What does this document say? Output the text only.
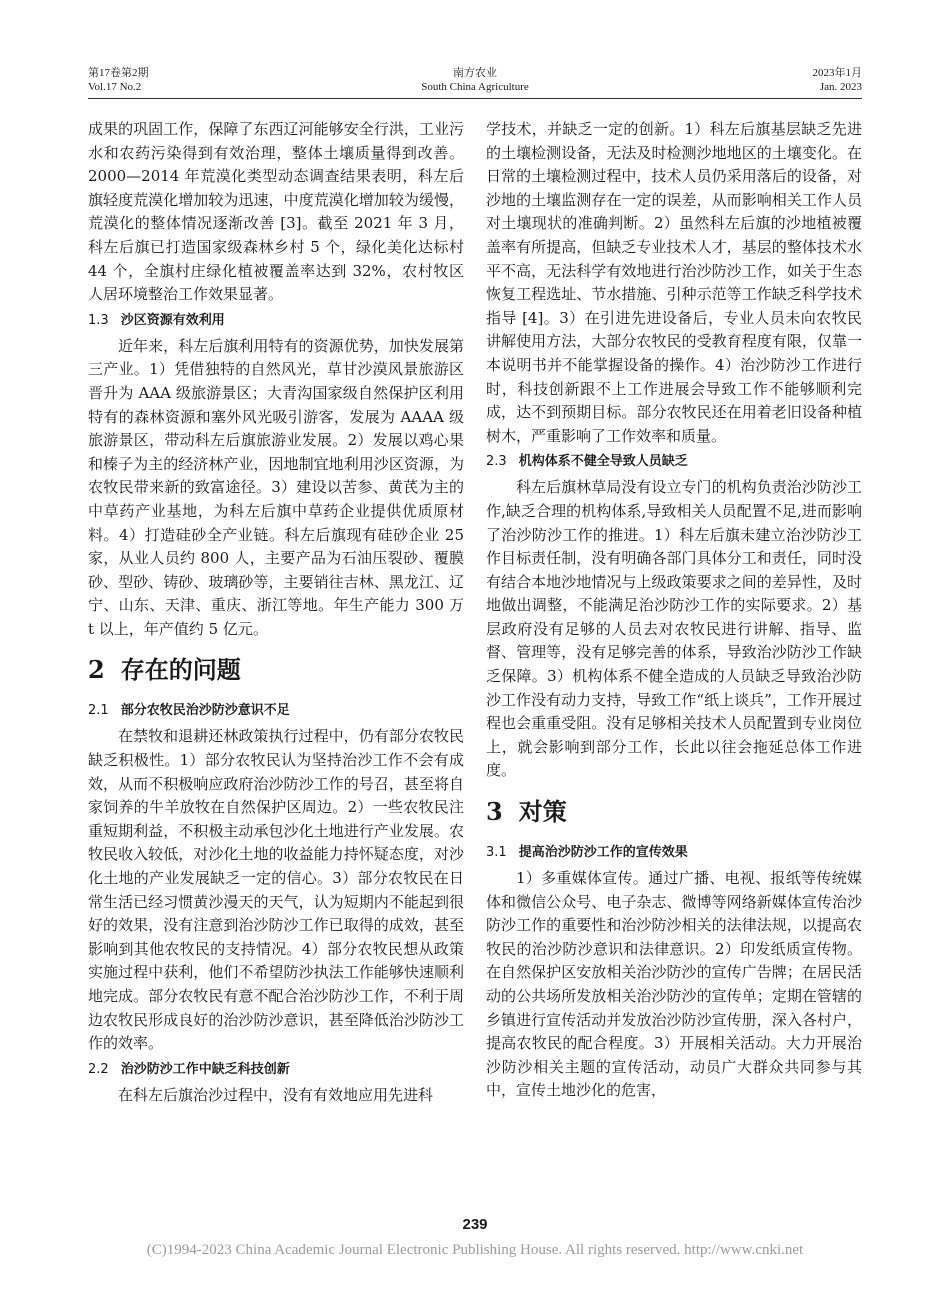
第17卷第2期
Vol.17 No.2
南方农业
South China Agriculture
2023年1月
Jan. 2023

成果的巩固工作，保障了东西辽河能够安全行洪，工业污水和农药污染得到有效治理，整体土壤质量得到改善。2000—2014 年荒漠化类型动态调查结果表明，科左后旗轻度荒漠化增加较为迅速，中度荒漠化增加较为缓慢，荒漠化的整体情况逐渐改善 [3]。截至 2021 年 3 月，科左后旗已打造国家级森林乡村 5 个，绿化美化达标村 44 个，全旗村庄绿化植被覆盖率达到 32%，农村牧区人居环境整治工作效果显著。

1.3 沙区资源有效利用

近年来，科左后旗利用特有的资源优势，加快发展第三产业。1）凭借独特的自然风光，草甘沙漠风景旅游区晋升为 AAA 级旅游景区；大青沟国家级自然保护区利用特有的森林资源和塞外风光吸引游客，发展为 AAAA 级旅游景区，带动科左后旗旅游业发展。2）发展以鸡心果和榛子为主的经济林产业，因地制宜地利用沙区资源，为农牧民带来新的致富途径。3）建设以苦参、黄芪为主的中草药产业基地，为科左后旗中草药企业提供优质原材料。4）打造硅砂全产业链。科左后旗现有硅砂企业 25 家，从业人员约 800 人，主要产品为石油压裂砂、覆膜砂、型砂、铸砂、玻璃砂等，主要销往吉林、黑龙江、辽宁、山东、天津、重庆、浙江等地。年生产能力 300 万 t 以上，年产值约 5 亿元。

2 存在的问题
2.1 部分农牧民治沙防沙意识不足

在禁牧和退耕还林政策执行过程中，仍有部分农牧民缺乏积极性。1）部分农牧民认为坚持治沙工作不会有成效，从而不积极响应政府治沙防沙工作的号召，甚至将自家饲养的牛羊放牧在自然保护区周边。2）一些农牧民注重短期利益，不积极主动承包沙化土地进行产业发展。农牧民收入较低，对沙化土地的收益能力持怀疑态度，对沙化土地的产业发展缺乏一定的信心。3）部分农牧民在日常生活已经习惯黄沙漫天的天气，认为短期内不能起到很好的效果，没有注意到治沙防沙工作已取得的成效，甚至影响到其他农牧民的支持情况。4）部分农牧民想从政策实施过程中获利，他们不希望防沙执法工作能够快速顺利地完成。部分农牧民有意不配合治沙防沙工作，不利于周边农牧民形成良好的治沙防沙意识，甚至降低治沙防沙工作的效率。

2.2 治沙防沙工作中缺乏科技创新

在科左后旗治沙过程中，没有有效地应用先进科

学技术，并缺乏一定的创新。1）科左后旗基层缺乏先进的土壤检测设备，无法及时检测沙地地区的土壤变化。在日常的土壤检测过程中，技术人员仍采用落后的设备，对沙地的土壤监测存在一定的误差，从而影响相关工作人员对土壤现状的准确判断。2）虽然科左后旗的沙地植被覆盖率有所提高，但缺乏专业技术人才，基层的整体技术水平不高，无法科学有效地进行治沙防沙工作，如关于生态恢复工程选址、节水措施、引种示范等工作缺乏科学技术指导 [4]。3）在引进先进设备后，专业人员未向农牧民讲解使用方法，大部分农牧民的受教育程度有限，仅靠一本说明书并不能掌握设备的操作。4）治沙防沙工作进行时，科技创新跟不上工作进展会导致工作不能够顺利完成，达不到预期目标。部分农牧民还在用着老旧设备种植树木，严重影响了工作效率和质量。

2.3 机构体系不健全导致人员缺乏

科左后旗林草局没有设立专门的机构负责治沙防沙工作,缺乏合理的机构体系,导致相关人员配置不足,进而影响了治沙防沙工作的推进。1）科左后旗未建立治沙防沙工作目标责任制，没有明确各部门具体分工和责任，同时没有结合本地沙地情况与上级政策要求之间的差异性，及时地做出调整，不能满足治沙防沙工作的实际要求。2）基层政府没有足够的人员去对农牧民进行讲解、指导、监督、管理等，没有足够完善的体系，导致治沙防沙工作缺乏保障。3）机构体系不健全造成的人员缺乏导致治沙防沙工作没有动力支持，导致工作“纸上谈兵”，工作开展过程也会重重受阻。没有足够相关技术人员配置到专业岗位上，就会影响到部分工作，长此以往会拖延总体工作进度。

3 对策
3.1 提高治沙防沙工作的宣传效果

1）多重媒体宣传。通过广播、电视、报纸等传统媒体和微信公众号、电子杂志、微博等网络新媒体宣传治沙防沙工作的重要性和治沙防沙相关的法律法规，以提高农牧民的治沙防沙意识和法律意识。2）印发纸质宣传物。在自然保护区安放相关治沙防沙的宣传广告牌；在居民活动的公共场所发放相关治沙防沙的宣传单；定期在管辖的乡镇进行宣传活动并发放治沙防沙宣传册，深入各村户，提高农牧民的配合程度。3）开展相关活动。大力开展治沙防沙相关主题的宣传活动，动员广大群众共同参与其中，宣传土地沙化的危害，

239
(C)1994-2023 China Academic Journal Electronic Publishing House. All rights reserved. http://www.cnki.net
